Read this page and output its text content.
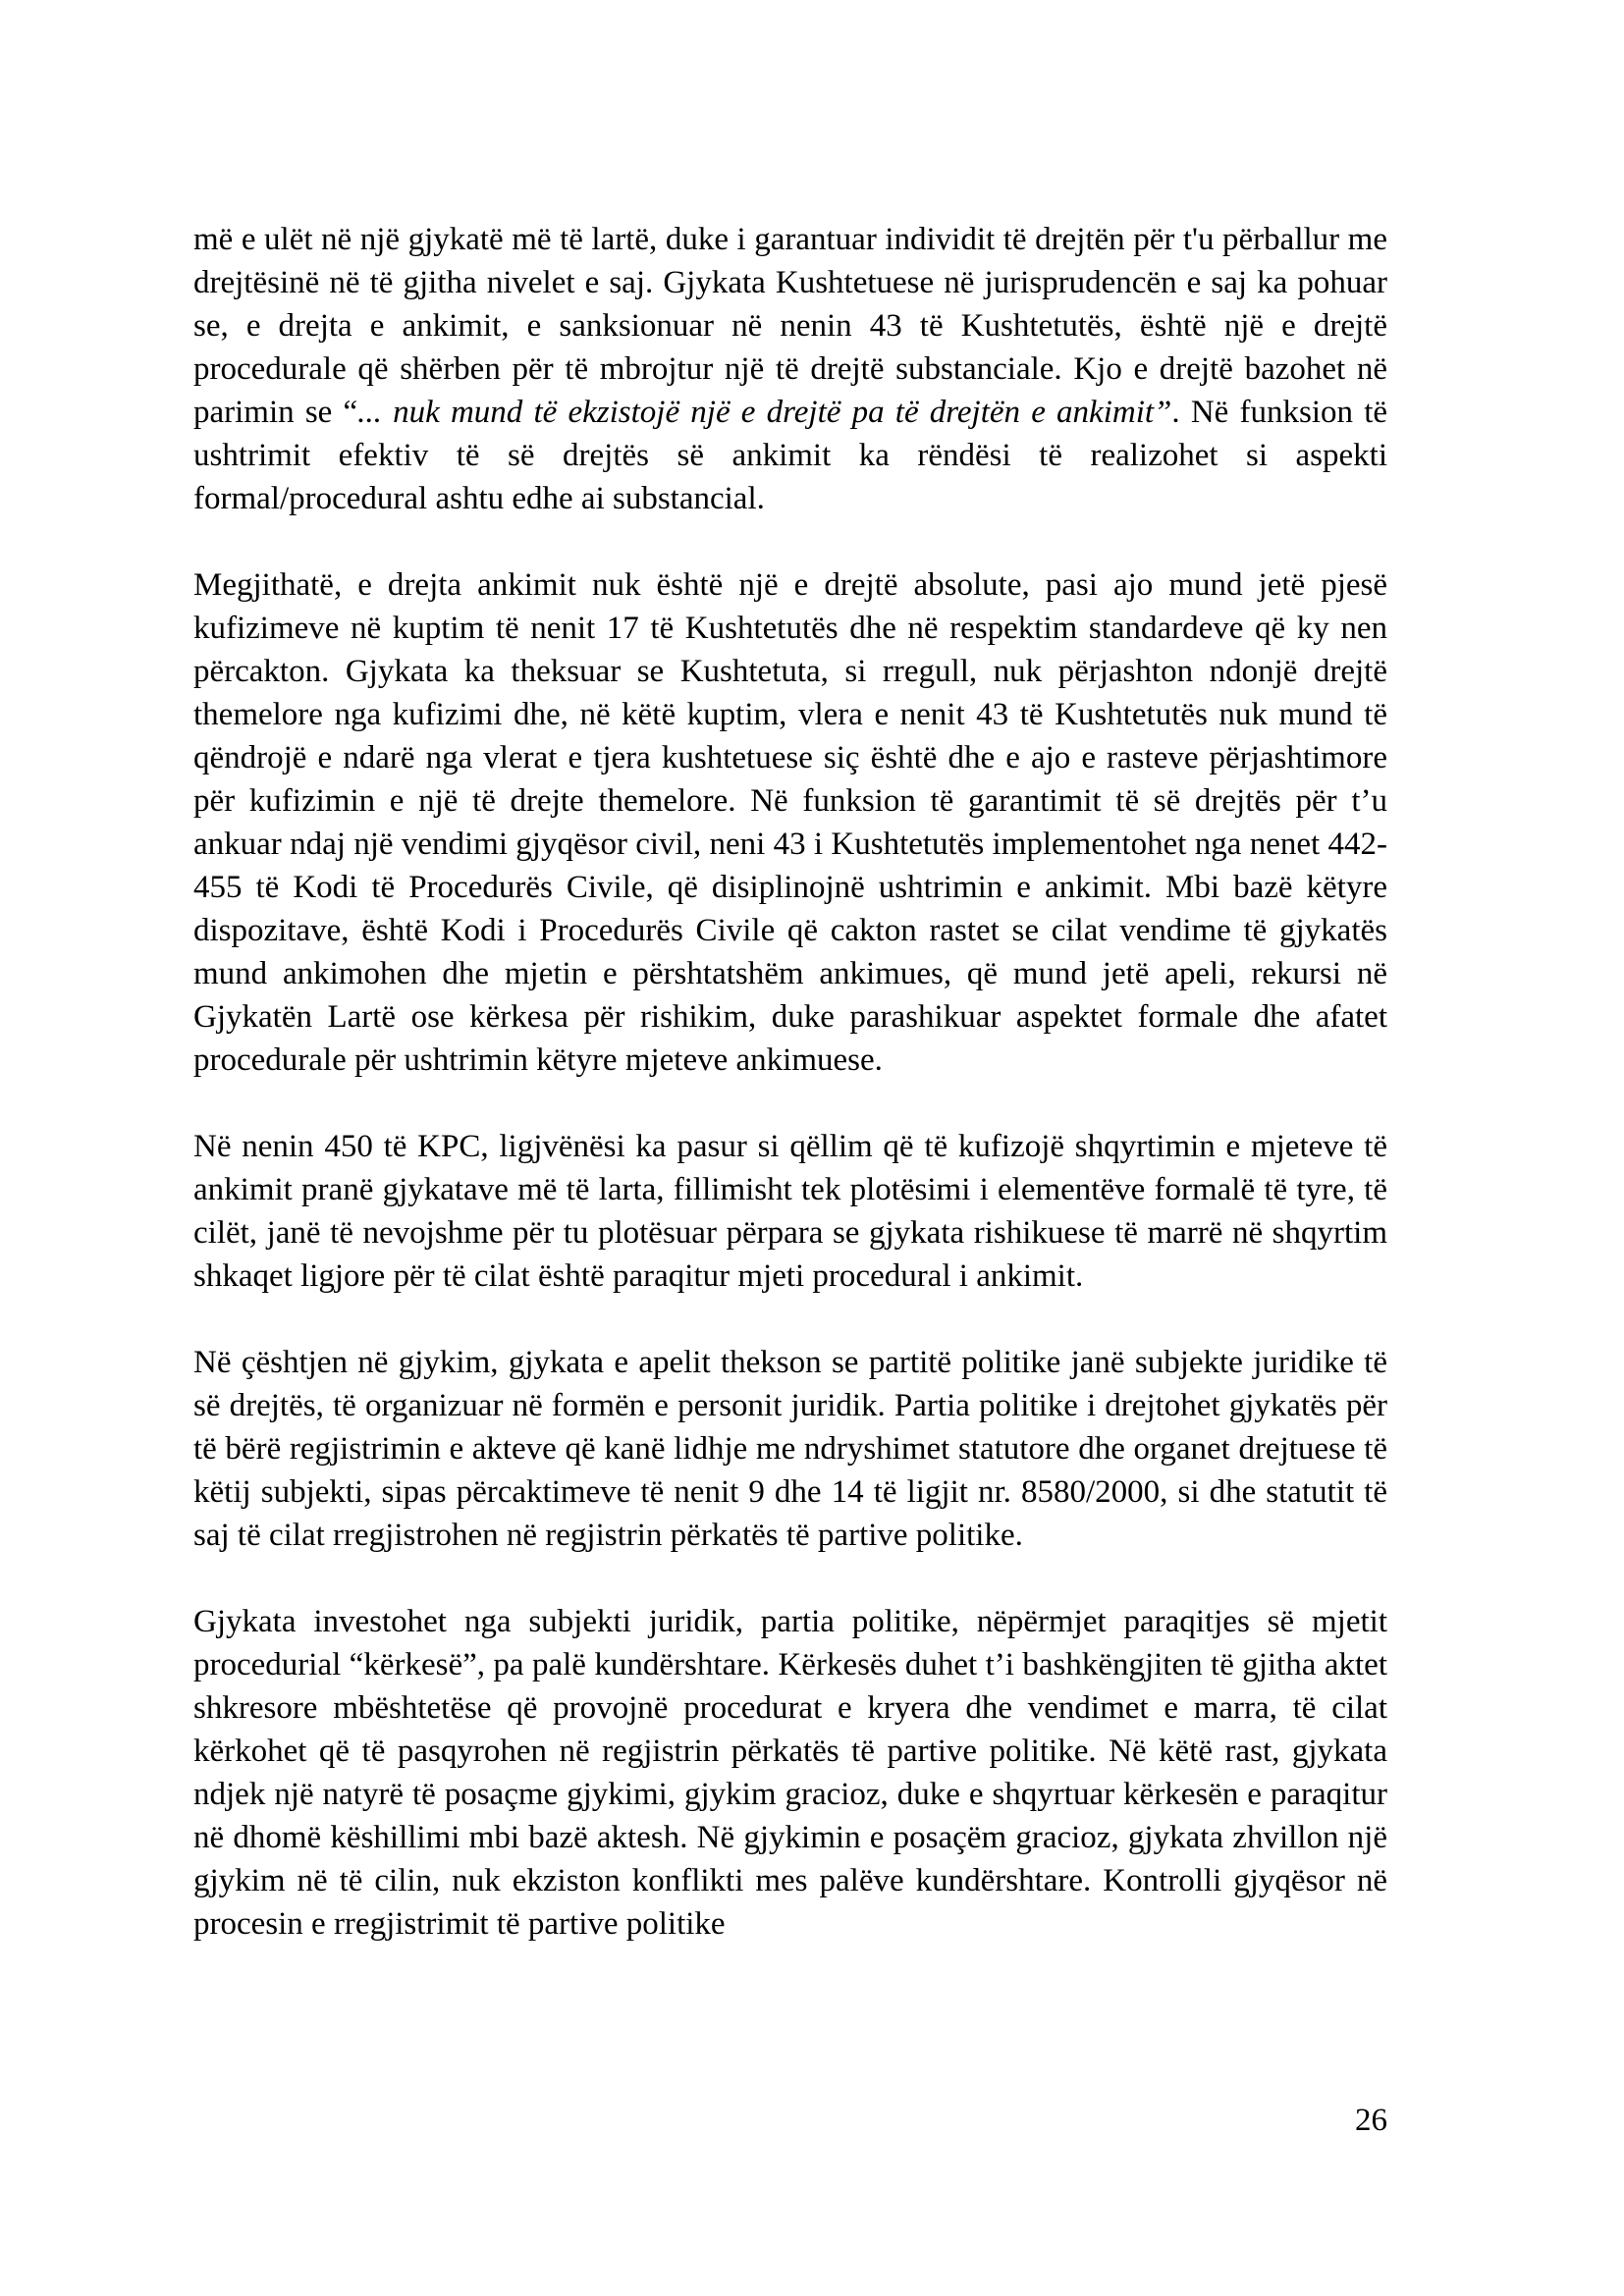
më e ulët në një gjykatë më të lartë, duke i garantuar individit të drejtën për t'u përballur me drejtësinë në të gjitha nivelet e saj. Gjykata Kushtetuese në jurisprudencën e saj ka pohuar se, e drejta e ankimit, e sanksionuar në nenin 43 të Kushtetutës, është një e drejtë procedurale që shërben për të mbrojtur një të drejtë substanciale. Kjo e drejtë bazohet në parimin se “... nuk mund të ekzistojë një e drejtë pa të drejtën e ankimit”. Në funksion të ushtrimit efektiv të së drejtës së ankimit ka rëndësi të realizohet si aspekti formal/procedural ashtu edhe ai substancial.

Megjithatë, e drejta ankimit nuk është një e drejtë absolute, pasi ajo mund jetë pjesë kufizimeve në kuptim të nenit 17 të Kushtetutës dhe në respektim standardeve që ky nen përcakton. Gjykata ka theksuar se Kushtetuta, si rregull, nuk përjashton ndonjë drejtë themelore nga kufizimi dhe, në këtë kuptim, vlera e nenit 43 të Kushtetutës nuk mund të qëndrojë e ndarë nga vlerat e tjera kushtetuese siç është dhe e ajo e rasteve përjashtimore për kufizimin e një të drejte themelore. Në funksion të garantimit të së drejtës për t’u ankuar ndaj një vendimi gjyqësor civil, neni 43 i Kushtetutës implementohet nga nenet 442-455 të Kodi të Procedurës Civile, që disiplinojnë ushtrimin e ankimit. Mbi bazë këtyre dispozitave, është Kodi i Procedurës Civile që cakton rastet se cilat vendime të gjykatës mund ankimohen dhe mjetin e përshtatshëm ankimues, që mund jetë apeli, rekursi në Gjykatën Lartë ose kërkesa për rishikim, duke parashikuar aspektet formale dhe afatet procedurale për ushtrimin këtyre mjeteve ankimuese.

Në nenin 450 të KPC, ligjvënësi ka pasur si qëllim që të kufizojë shqyrtimin e mjeteve të ankimit pranë gjykatave më të larta, fillimisht tek plotësimi i elementëve formalë të tyre, të cilët, janë të nevojshme për tu plotësuar përpara se gjykata rishikuese të marrë në shqyrtim shkaqet ligjore për të cilat është paraqitur mjeti procedural i ankimit.

Në çështjen në gjykim, gjykata e apelit thekson se partitë politike janë subjekte juridike të së drejtës, të organizuar në formën e personit juridik. Partia politike i drejtohet gjykatës për të bërë regjistrimin e akteve që kanë lidhje me ndryshimet statutore dhe organet drejtuese të këtij subjekti, sipas përcaktimeve të nenit 9 dhe 14 të ligjit nr. 8580/2000, si dhe statutit të saj të cilat rregjistrohen në regjistrin përkatës të partive politike.

Gjykata investohet nga subjekti juridik, partia politike, nëpërmjet paraqitjes së mjetit procedurial “kërkesë”, pa palë kundërshtare. Kërkesës duhet t’i bashkëngjiten të gjitha aktet shkresore mbështetëse që provojnë procedurat e kryera dhe vendimet e marra, të cilat kërkohet që të pasqyrohen në regjistrin përkatës të partive politike. Në këtë rast, gjykata ndjek një natyrë të posaçme gjykimi, gjykim gracioz, duke e shqyrtuar kërkesën e paraqitur në dhomë këshillimi mbi bazë aktesh. Në gjykimin e posaçëm gracioz, gjykata zhvillon një gjykim në të cilin, nuk ekziston konflikti mes palëve kundërshtare. Kontrolli gjyqësor në procesin e rregjistrimit të partive politike

26
